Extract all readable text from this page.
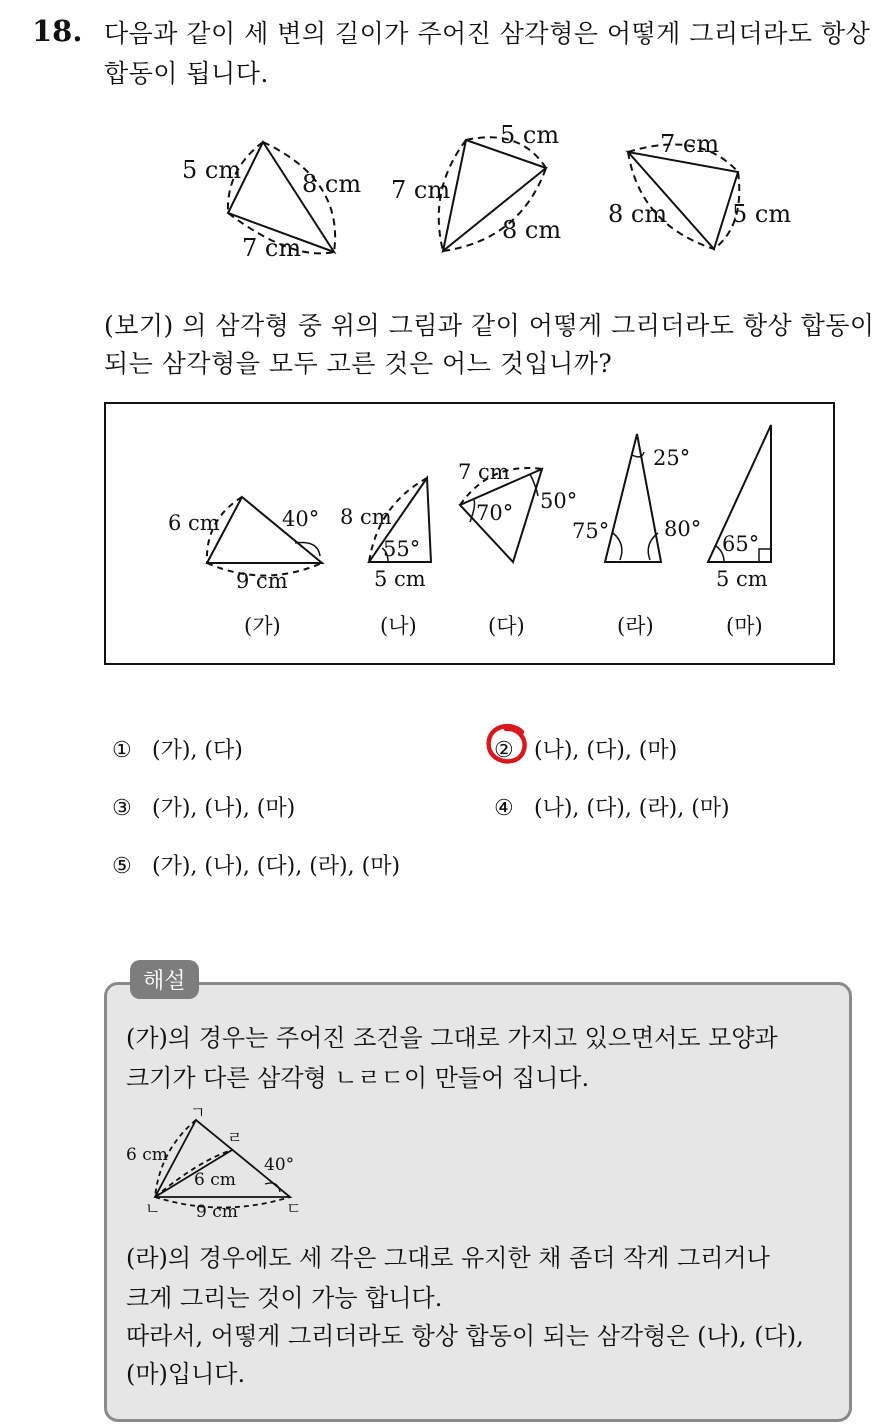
18. 다음과 같이 세 변의 길이가 주어진 삼각형은 어떻게 그리더라도 항상
합동이 됩니다.
5 cm	8 cm
7 cm
5 cm
7 cm
8 cm
7 cm
8 cm	5 cm
(보기) 의 삼각형 중 위의 그림과 같이 어떻게 그리더라도 항상 합동이
되는 삼각형을 모두 고른 것은 어느 것입니까?
6 cm
9 cm
40°
(가)
8 cm
55°
5 cm
(나)
7 cm
70° 50°
(다)
25°
75°	80°
(라)
65°
5 cm
(마)
① (가), (다)	② (나), (다), (마)
③ (가), (나), (마)	④ (나), (다), (라), (마)
⑤ (가), (나), (다), (라), (마)
해설
(가)의 경우는 주어진 조건을 그대로 가지고 있으면서도 모양과
크기가 다른 삼각형 ㄴㄹㄷ이 만들어 집니다.
ㄱ
ㄹ
ㄴ	ㄷ
6 cm
6 cm
9 cm
40°
(라)의 경우에도 세 각은 그대로 유지한 채 좀더 작게 그리거나
크게 그리는 것이 가능 합니다.
따라서, 어떻게 그리더라도 항상 합동이 되는 삼각형은 (나), (다),
(마)입니다.
